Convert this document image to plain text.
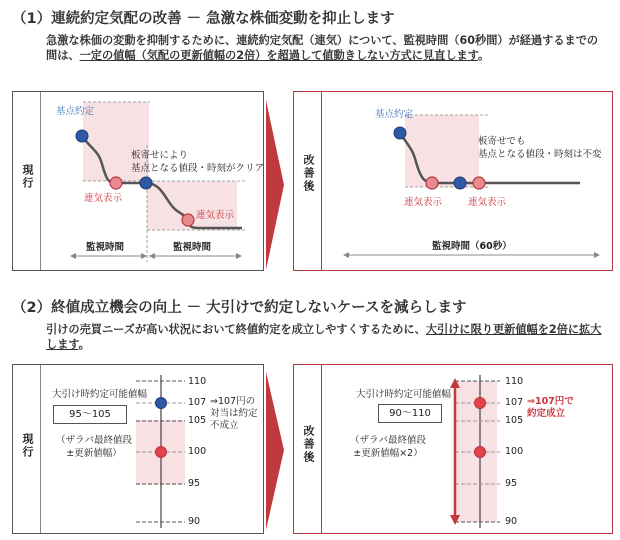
（1）連続約定気配の改善 － 急激な株価変動を抑止します
急激な株価の変動を抑制するために、連続約定気配（連気）について、監視時間（60秒間）が経過するまでの間は、一定の値幅（気配の更新値幅の2倍）を超過して値動きしない方式に見直します。
現行	改善後
基点約定
連気表示
連気表示
板寄せにより
基点となる値段・時刻がクリア
監視時間	監視時間
基点約定
板寄せでも
基点となる値段・時刻は不変
連気表示	連気表示
監視時間（60秒）
（2）終値成立機会の向上 － 大引けで約定しないケースを減らします
引けの売買ニーズが高い状況において終値約定を成立しやすくするために、大引けに限り更新値幅を2倍に拡大します。
現行	改善後
大引け時約定可能値幅
95～105
（ザラバ最終値段
±更新値幅）
⇒107円の
対当は約定
不成立
110
107
105
100
95
90
大引け時約定可能値幅
90～110
（ザラバ最終値段
±更新値幅×2）
⇒107円で
約定成立
110
107
105
100
95
90
